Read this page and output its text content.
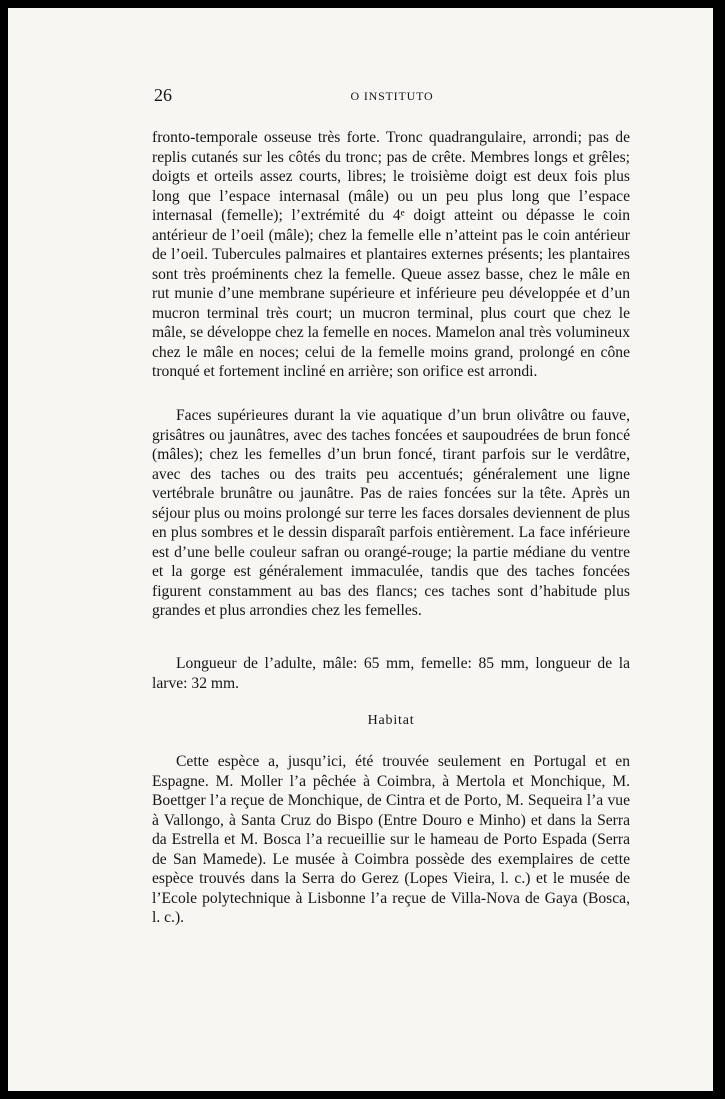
26	O INSTITUTO

fronto-temporale osseuse très forte. Tronc quadrangulaire, arrondi; pas de replis cutanés sur les côtés du tronc; pas de crête. Membres longs et grêles; doigts et orteils assez courts, libres; le troisième doigt est deux fois plus long que l’espace internasal (mâle) ou un peu plus long que l’espace internasal (femelle); l’extrémité du 4ᵉ doigt atteint ou dépasse le coin antérieur de l’oeil (mâle); chez la femelle elle n’atteint pas le coin antérieur de l’oeil. Tubercules palmaires et plantaires externes présents; les plantaires sont très proéminents chez la femelle. Queue assez basse, chez le mâle en rut munie d’une membrane supérieure et inférieure peu développée et d’un mucron terminal très court; un mucron terminal, plus court que chez le mâle, se développe chez la femelle en noces. Mamelon anal très volumineux chez le mâle en noces; celui de la femelle moins grand, prolongé en cône tronqué et fortement incliné en arrière; son orifice est arrondi.

Faces supérieures durant la vie aquatique d’un brun olivâtre ou fauve, grisâtres ou jaunâtres, avec des taches foncées et saupoudrées de brun foncé (mâles); chez les femelles d’un brun foncé, tirant parfois sur le verdâtre, avec des taches ou des traits peu accentués; généralement une ligne vertébrale brunâtre ou jaunâtre. Pas de raies foncées sur la tête. Après un séjour plus ou moins prolongé sur terre les faces dorsales deviennent de plus en plus sombres et le dessin disparaît parfois entièrement. La face inférieure est d’une belle couleur safran ou orangé-rouge; la partie médiane du ventre et la gorge est généralement immaculée, tandis que des taches foncées figurent constamment au bas des flancs; ces taches sont d’habitude plus grandes et plus arrondies chez les femelles.

Longueur de l’adulte, mâle: 65 mm, femelle: 85 mm, longueur de la larve: 32 mm.

Habitat

Cette espèce a, jusqu’ici, été trouvée seulement en Portugal et en Espagne. M. Moller l’a pêchée à Coimbra, à Mertola et Monchique, M. Boettger l’a reçue de Monchique, de Cintra et de Porto, M. Sequeira l’a vue à Vallongo, à Santa Cruz do Bispo (Entre Douro e Minho) et dans la Serra da Estrella et M. Bosca l’a recueillie sur le hameau de Porto Espada (Serra de San Mamede). Le musée à Coimbra possède des exemplaires de cette espèce trouvés dans la Serra do Gerez (Lopes Vieira, l. c.) et le musée de l’Ecole polytechnique à Lisbonne l’a reçue de Villa-Nova de Gaya (Bosca, l. c.).
